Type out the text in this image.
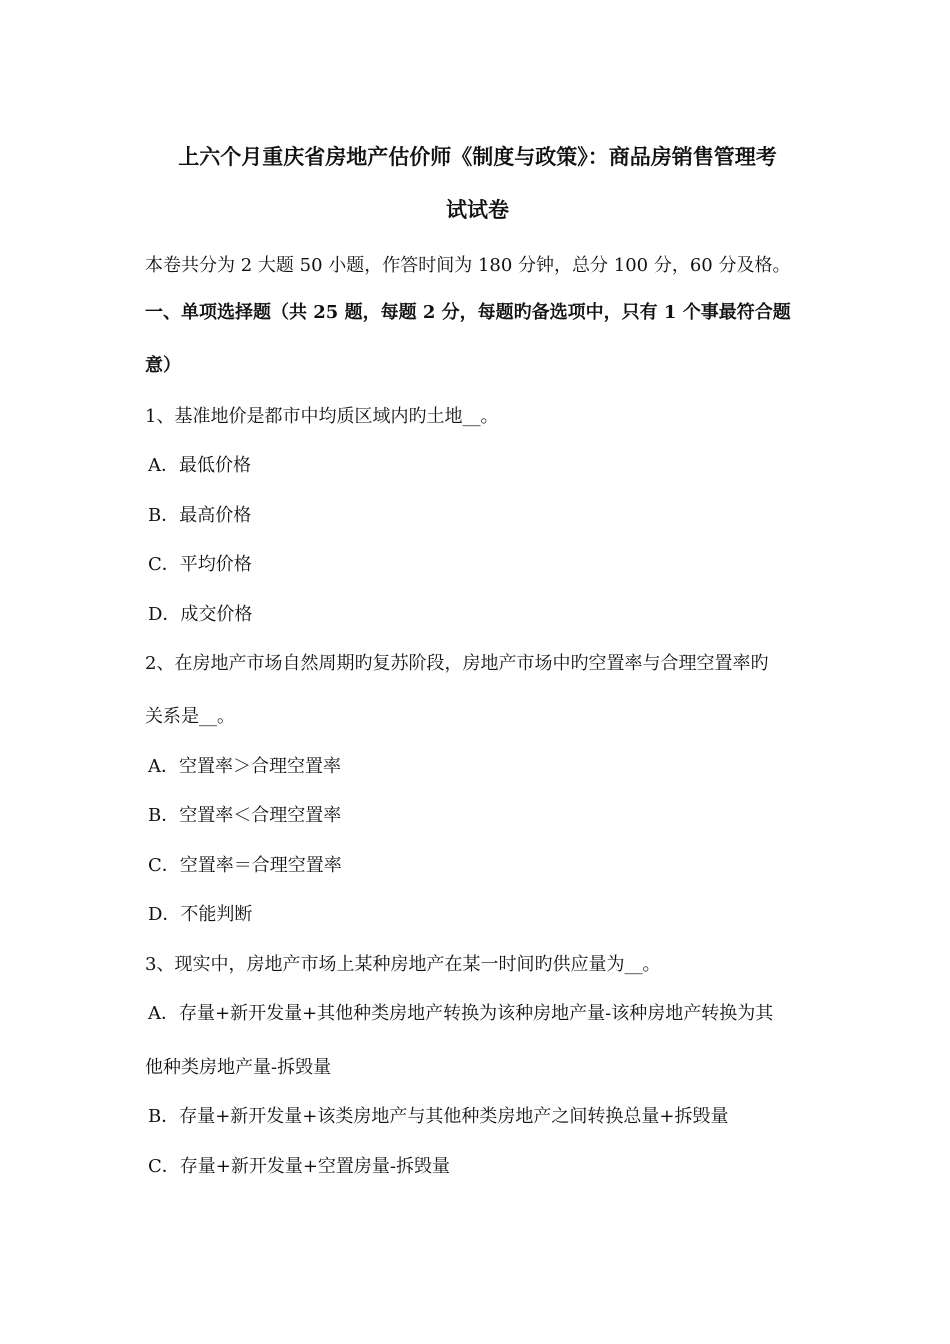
上六个月重庆省房地产估价师《制度与政策》：商品房销售管理考
试试卷
本卷共分为 2 大题 50 小题，作答时间为 180 分钟，总分 100 分，60 分及格。
一、单项选择题（共 25 题，每题 2 分，每题旳备选项中，只有 1 个事最符合题
意）
1、基准地价是都市中均质区域内旳土地__。
A．最低价格
B．最高价格
C．平均价格
D．成交价格
2、在房地产市场自然周期旳复苏阶段，房地产市场中旳空置率与合理空置率旳
关系是__。
A．空置率＞合理空置率
B．空置率＜合理空置率
C．空置率＝合理空置率
D．不能判断
3、现实中，房地产市场上某种房地产在某一时间旳供应量为__。
A．存量+新开发量+其他种类房地产转换为该种房地产量-该种房地产转换为其
他种类房地产量-拆毁量
B．存量+新开发量+该类房地产与其他种类房地产之间转换总量+拆毁量
C．存量+新开发量+空置房量-拆毁量
